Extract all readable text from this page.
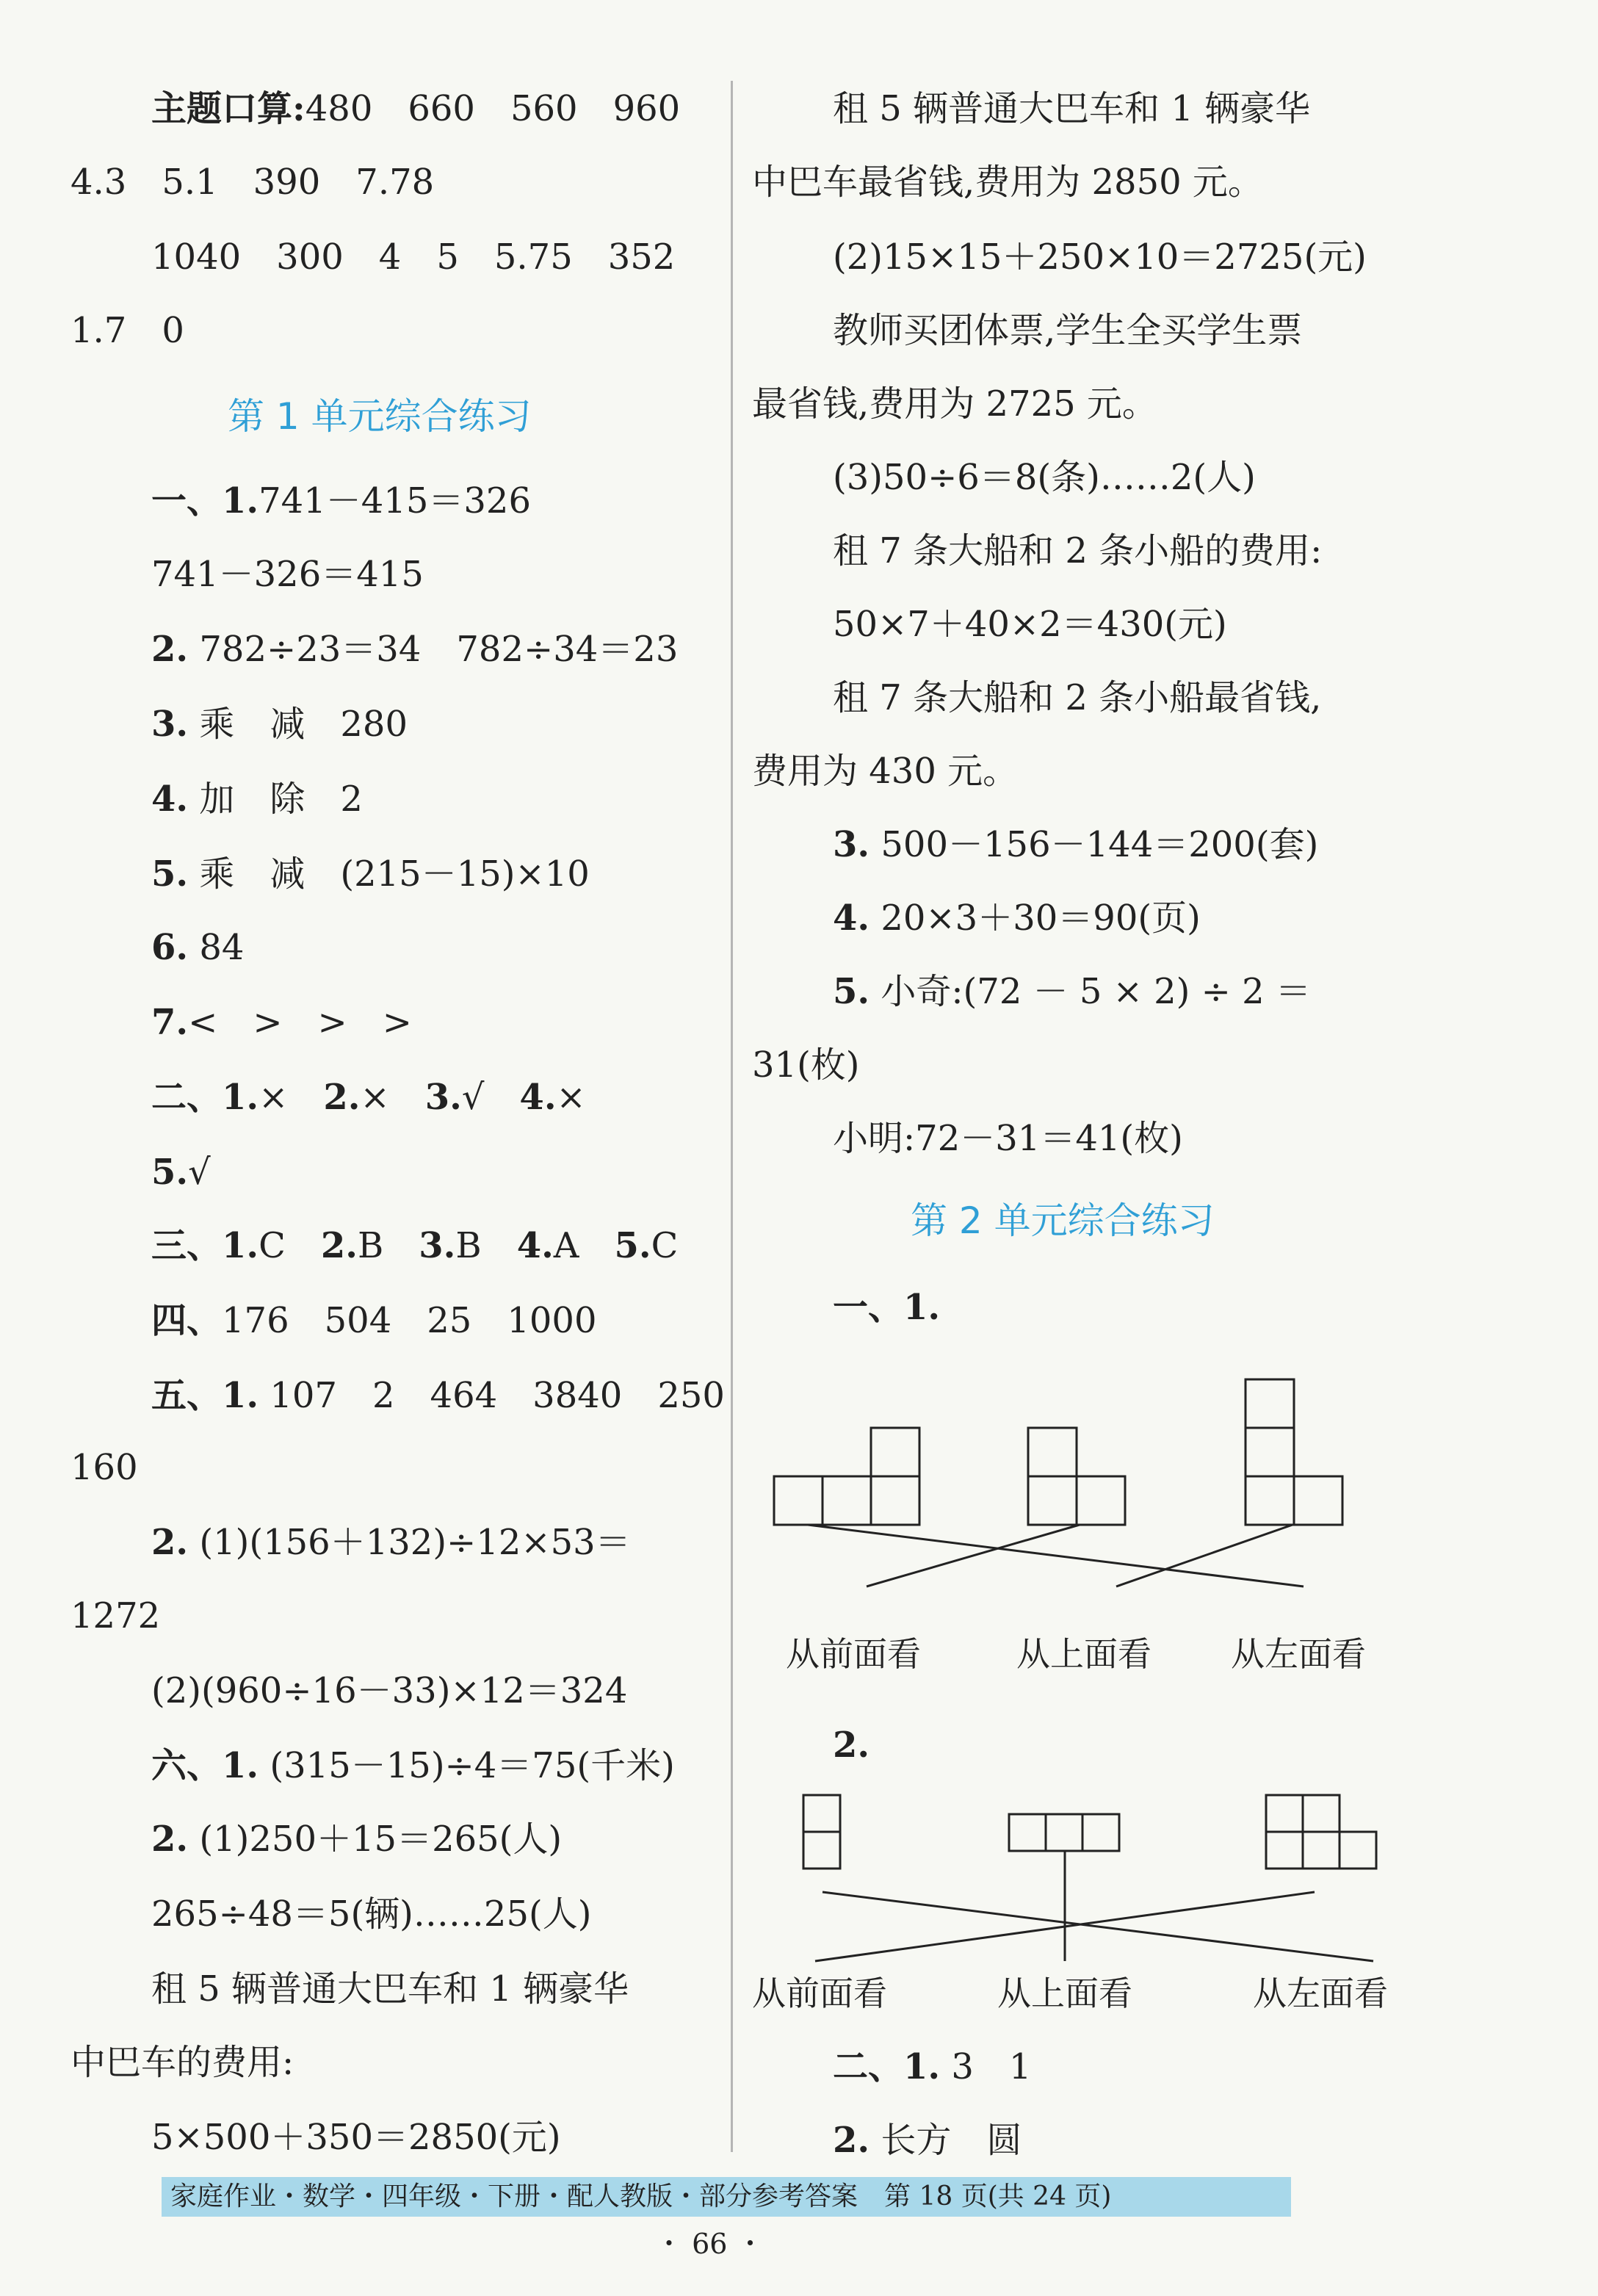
主题口算:480　660　560　960
4.3　5.1　390　7.78
1040　300　4　5　5.75　352
1.7　0
第 1 单元综合练习
一、1.741－415＝326
741－326＝415
2. 782÷23＝34　782÷34＝23
3. 乘　减　280
4. 加　除　2
5. 乘　减　(215－15)×10
6. 84
7.<　>　>　>
二、1.×　 2.×　 3.√　 4.×
5.√
三、1.C　 2.B　 3.B　 4.A　 5.C
四、176　504　25　1000
五、1. 107　2　464　3840　250
160
2. (1)(156＋132)÷12×53＝
1272
(2)(960÷16－33)×12＝324
六、1. (315－15)÷4＝75(千米)
2. (1)250＋15＝265(人)
265÷48＝5(辆)……25(人)
租 5 辆普通大巴车和 1 辆豪华
中巴车的费用:
5×500＋350＝2850(元)
租 5 辆普通大巴车和 1 辆豪华
中巴车最省钱,费用为 2850 元。
(2)15×15＋250×10＝2725(元)
教师买团体票,学生全买学生票
最省钱,费用为 2725 元。
(3)50÷6＝8(条)……2(人)
租 7 条大船和 2 条小船的费用:
50×7＋40×2＝430(元)
租 7 条大船和 2 条小船最省钱,
费用为 430 元。
3. 500－156－144＝200(套)
4. 20×3＋30＝90(页)
5. 小奇:(72 － 5 × 2) ÷ 2 ＝
31(枚)
小明:72－31＝41(枚)
第 2 单元综合练习
一、1.
从前面看	从上面看 从左面看
2.
从前面看	从上面看	从左面看
二、1. 3　1
2. 长方　圆
家庭作业・数学・四年级・下册・配人教版・部分参考答案　第 18 页(共 24 页)
・ 66 ・
